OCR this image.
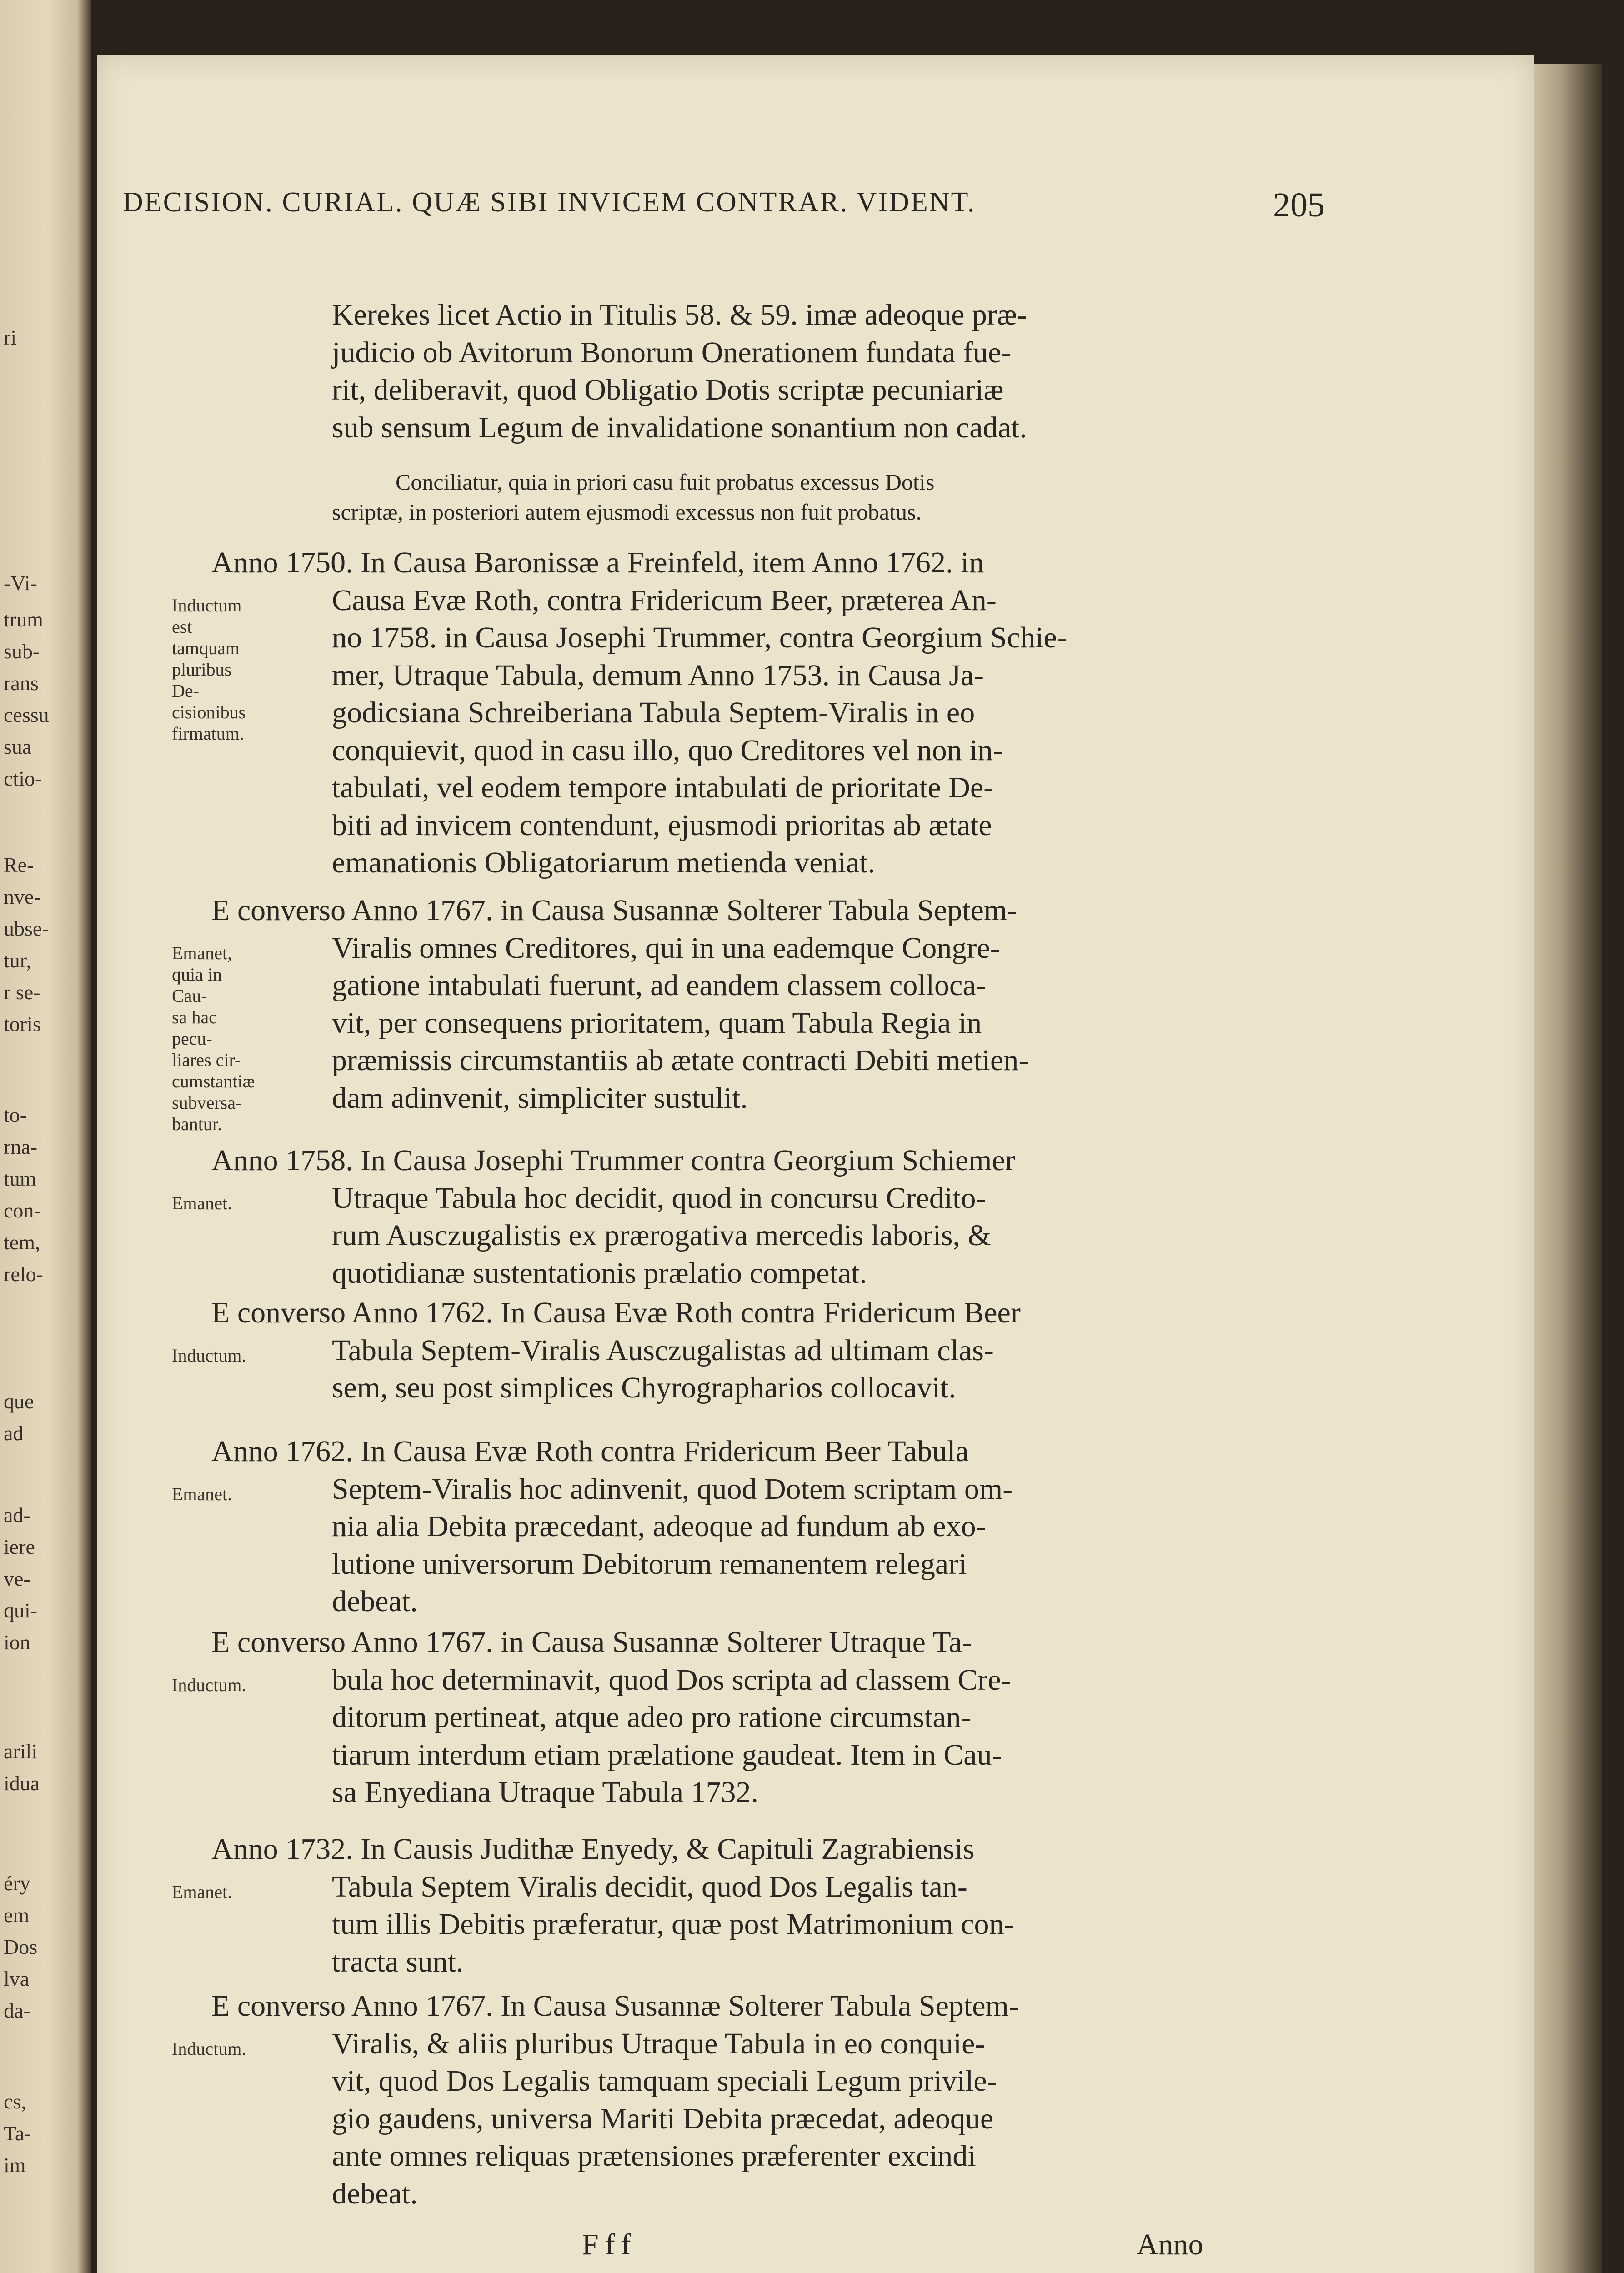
ri
-Vi-
trum
sub-
rans
cessu
sua
ctio-
Re-
nve-
ubse-
tur,
r se-
toris
to-
rna-
tum
con-
tem,
relo-
que
ad
ad-
iere
ve-
qui-
ion
arili
idua
éry
em
Dos
lva
da-
cs,
Ta-
im
DECISION. CURIAL. QUÆ SIBI INVICEM CONTRAR. VIDENT.	205
Kerekes licet Actio in Titulis 58. & 59. imæ adeoque præ-
judicio ob Avitorum Bonorum Onerationem fundata fue-
rit, deliberavit, quod Obligatio Dotis scriptæ pecuniariæ
sub sensum Legum de invalidatione sonantium non cadat.
Conciliatur, quia in priori casu fuit probatus excessus Dotis
scriptæ, in posteriori autem ejusmodi excessus non fuit probatus.
Anno 1750. In Causa Baronissæ a Freinfeld, item Anno 1762. in
Causa Evæ Roth, contra Fridericum Beer, præterea An-
no 1758. in Causa Josephi Trummer, contra Georgium Schie-
mer, Utraque Tabula, demum Anno 1753. in Causa Ja-
godicsiana Schreiberiana Tabula Septem-Viralis in eo
conquievit, quod in casu illo, quo Creditores vel non in-
tabulati, vel eodem tempore intabulati de prioritate De-
biti ad invicem contendunt, ejusmodi prioritas ab ætate
emanationis Obligatoriarum metienda veniat.
Inductum
est tamquam
pluribus De-
cisionibus
firmatum.
E converso Anno 1767. in Causa Susannæ Solterer Tabula Septem-
Viralis omnes Creditores, qui in una eademque Congre-
gatione intabulati fuerunt, ad eandem classem colloca-
vit, per consequens prioritatem, quam Tabula Regia in
præmissis circumstantiis ab ætate contracti Debiti metien-
dam adinvenit, simpliciter sustulit.
Emanet,
quia in Cau-
sa hac pecu-
liares cir-
cumstantiæ
subversa-
bantur.
Anno 1758. In Causa Josephi Trummer contra Georgium Schiemer
Utraque Tabula hoc decidit, quod in concursu Credito-
rum Ausczugalistis ex prærogativa mercedis laboris, &
quotidianæ sustentationis prælatio competat.
Emanet.
E converso Anno 1762. In Causa Evæ Roth contra Fridericum Beer
Tabula Septem-Viralis Ausczugalistas ad ultimam clas-
sem, seu post simplices Chyrographarios collocavit.
Inductum.
Anno 1762. In Causa Evæ Roth contra Fridericum Beer Tabula
Septem-Viralis hoc adinvenit, quod Dotem scriptam om-
nia alia Debita præcedant, adeoque ad fundum ab exo-
lutione universorum Debitorum remanentem relegari
debeat.
Emanet.
E converso Anno 1767. in Causa Susannæ Solterer Utraque Ta-
bula hoc determinavit, quod Dos scripta ad classem Cre-
ditorum pertineat, atque adeo pro ratione circumstan-
tiarum interdum etiam prælatione gaudeat. Item in Cau-
sa Enyediana Utraque Tabula 1732.
Inductum.
Anno 1732. In Causis Judithæ Enyedy, & Capituli Zagrabiensis
Tabula Septem Viralis decidit, quod Dos Legalis tan-
tum illis Debitis præferatur, quæ post Matrimonium con-
tracta sunt.
Emanet.
E converso Anno 1767. In Causa Susannæ Solterer Tabula Septem-
Viralis, & aliis pluribus Utraque Tabula in eo conquie-
vit, quod Dos Legalis tamquam speciali Legum privile-
gio gaudens, universa Mariti Debita præcedat, adeoque
ante omnes reliquas prætensiones præferenter excindi
debeat.
Inductum.
Fff	Anno
